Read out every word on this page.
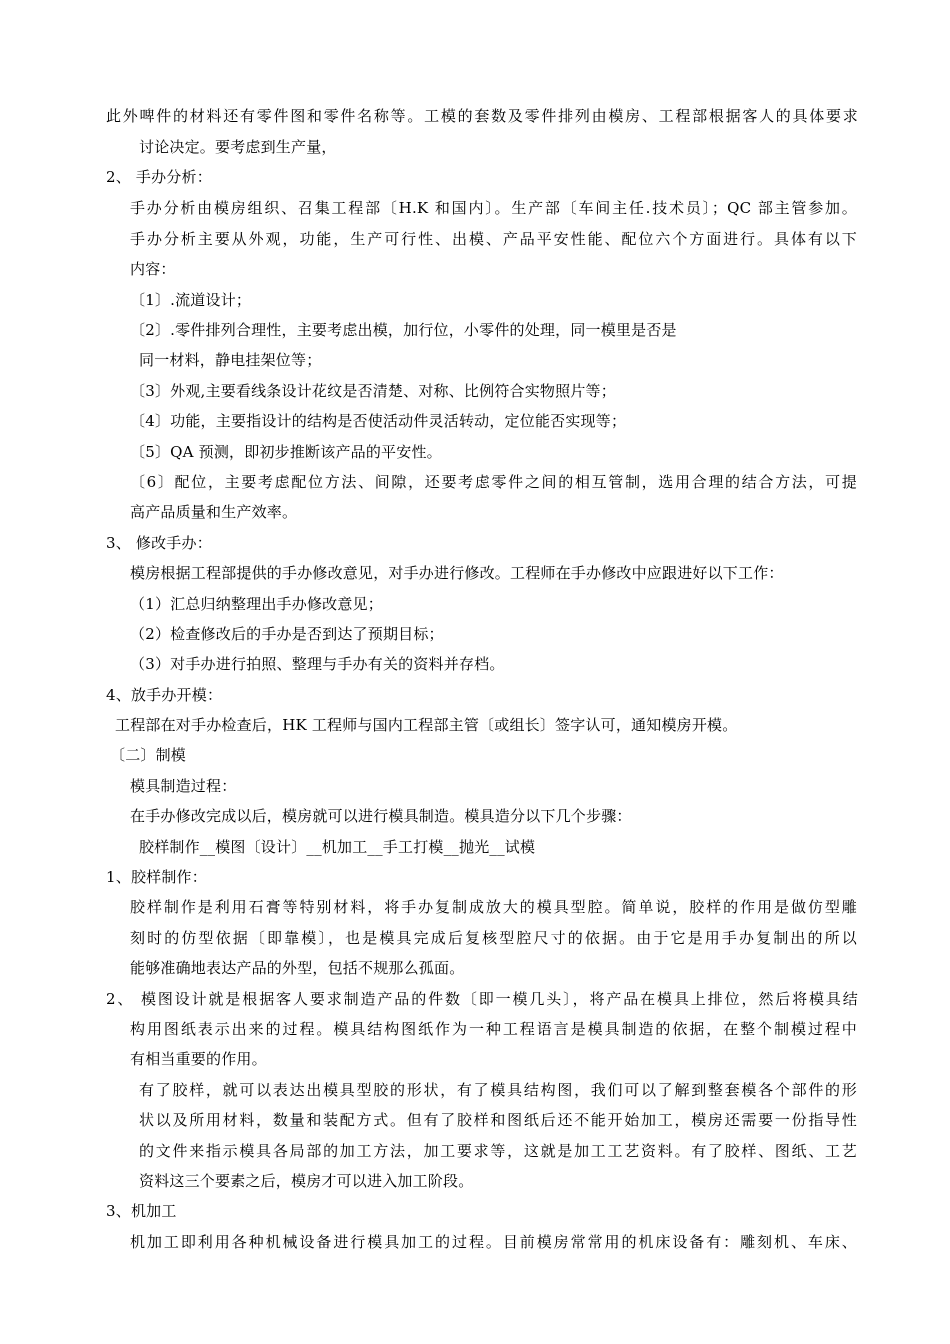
此外啤件的材料还有零件图和零件名称等。工模的套数及零件排列由模房、工程部根据客人的具体要求
讨论决定。要考虑到生产量，
2、 手办分析：
手办分析由模房组织、召集工程部〔H.K 和国内〕。生产部〔车间主任.技术员〕；QC 部主管参加。
手办分析主要从外观，功能，生产可行性、出模、产品平安性能、配位六个方面进行。具体有以下
内容：
〔1〕.流道设计；
〔2〕.零件排列合理性，主要考虑出模，加行位，小零件的处理，同一模里是否是
同一材料，静电挂架位等；
〔3〕外观,主要看线条设计花纹是否清楚、对称、比例符合实物照片等；
〔4〕功能，主要指设计的结构是否使活动件灵活转动，定位能否实现等；
〔5〕QA 预测，即初步推断该产品的平安性。
〔6〕配位，主要考虑配位方法、间隙，还要考虑零件之间的相互管制，选用合理的结合方法，可提
高产品质量和生产效率。
3、 修改手办：
模房根据工程部提供的手办修改意见，对手办进行修改。工程师在手办修改中应跟进好以下工作：
（1）汇总归纳整理出手办修改意见；
（2）检查修改后的手办是否到达了预期目标；
（3）对手办进行拍照、整理与手办有关的资料并存档。
4、放手办开模：
工程部在对手办检查后，HK 工程师与国内工程部主管〔或组长〕签字认可，通知模房开模。
〔二〕制模
模具制造过程：
在手办修改完成以后，模房就可以进行模具制造。模具造分以下几个步骤：
胶样制作__模图〔设计〕__机加工__手工打模__抛光__试模
1、胶样制作：
胶样制作是利用石膏等特别材料，将手办复制成放大的模具型腔。简单说，胶样的作用是做仿型雕
刻时的仿型依据〔即靠模〕，也是模具完成后复核型腔尺寸的依据。由于它是用手办复制出的所以
能够准确地表达产品的外型，包括不规那么孤面。
2、 模图设计就是根据客人要求制造产品的件数〔即一模几头〕，将产品在模具上排位，然后将模具结
构用图纸表示出来的过程。模具结构图纸作为一种工程语言是模具制造的依据，在整个制模过程中
有相当重要的作用。
有了胶样，就可以表达出模具型胶的形状，有了模具结构图，我们可以了解到整套模各个部件的形
状以及所用材料，数量和装配方式。但有了胶样和图纸后还不能开始加工，模房还需要一份指导性
的文件来指示模具各局部的加工方法，加工要求等，这就是加工工艺资料。有了胶样、图纸、工艺
资料这三个要素之后，模房才可以进入加工阶段。
3、机加工
机加工即利用各种机械设备进行模具加工的过程。目前模房常常用的机床设备有：雕刻机、车床、
